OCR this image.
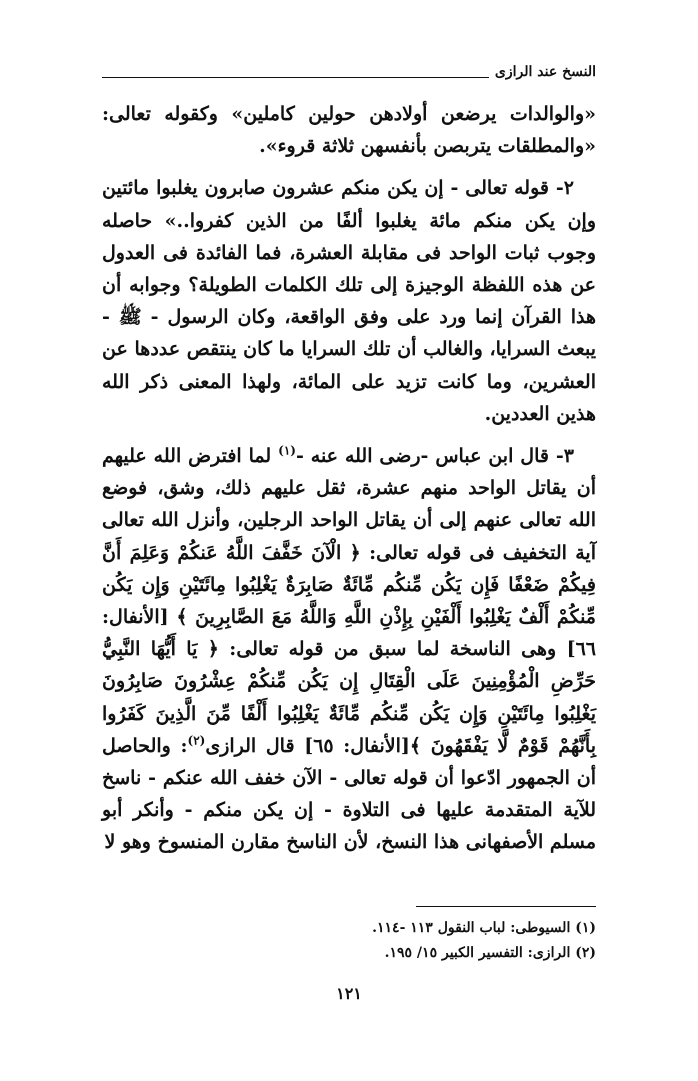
النسخ عند الرازى

«والوالدات يرضعن أولادهن حولين كاملين» وكقوله تعالى: «والمطلقات يتربصن بأنفسهن ثلاثة قروء».

٢- قوله تعالى - إن يكن منكم عشرون صابرون يغلبوا مائتين وإن يكن منكم مائة يغلبوا ألفًا من الذين كفروا..» حاصله وجوب ثبات الواحد فى مقابلة العشرة، فما الفائدة فى العدول عن هذه اللفظة الوجيزة إلى تلك الكلمات الطويلة؟ وجوابه أن هذا القرآن إنما ورد على وفق الواقعة، وكان الرسول - ﷺ - يبعث السرايا، والغالب أن تلك السرايا ما كان ينتقص عددها عن العشرين، وما كانت تزيد على المائة، ولهذا المعنى ذكر الله هذين العددين.

٣- قال ابن عباس -رضى الله عنه -$^{(١)}$ لما افترض الله عليهم أن يقاتل الواحد منهم عشرة، ثقل عليهم ذلك، وشق، فوضع الله تعالى عنهم إلى أن يقاتل الواحد الرجلين، وأنزل الله تعالى آية التخفيف فى قوله تعالى: ﴿ الْآنَ خَفَّفَ اللَّهُ عَنكُمْ وَعَلِمَ أَنَّ فِيكُمْ ضَعْفًا فَإِن يَكُن مِّنكُم مِّائَةٌ صَابِرَةٌ يَغْلِبُوا مِائَتَيْنِ وَإِن يَكُن مِّنكُمْ أَلْفٌ يَغْلِبُوا أَلْفَيْنِ بِإِذْنِ اللَّهِ وَاللَّهُ مَعَ الصَّابِرِينَ ﴾ [الأنفال: ٦٦] وهى الناسخة لما سبق من قوله تعالى: ﴿ يَا أَيُّهَا النَّبِيُّ حَرِّضِ الْمُؤْمِنِينَ عَلَى الْقِتَالِ إِن يَكُن مِّنكُمْ عِشْرُونَ صَابِرُونَ يَغْلِبُوا مِائَتَيْنِ وَإِن يَكُن مِّنكُم مِّائَةٌ يَغْلِبُوا أَلْفًا مِّنَ الَّذِينَ كَفَرُوا بِأَنَّهُمْ قَوْمٌ لَّا يَفْقَهُونَ ﴾[الأنفال: ٦٥] قال الرازى$^{(٢)}$: والحاصل أن الجمهور ادّعوا أن قوله تعالى - الآن خفف الله عنكم - ناسخ للآية المتقدمة عليها فى التلاوة - إن يكن منكم - وأنكر أبو مسلم الأصفهانى هذا النسخ، لأن الناسخ مقارن المنسوخ وهو لا

(١) السيوطى: لباب النقول ١١٣ -١١٤.
(٢) الرازى: التفسير الكبير ١٥/ ١٩٥.
١٢١
